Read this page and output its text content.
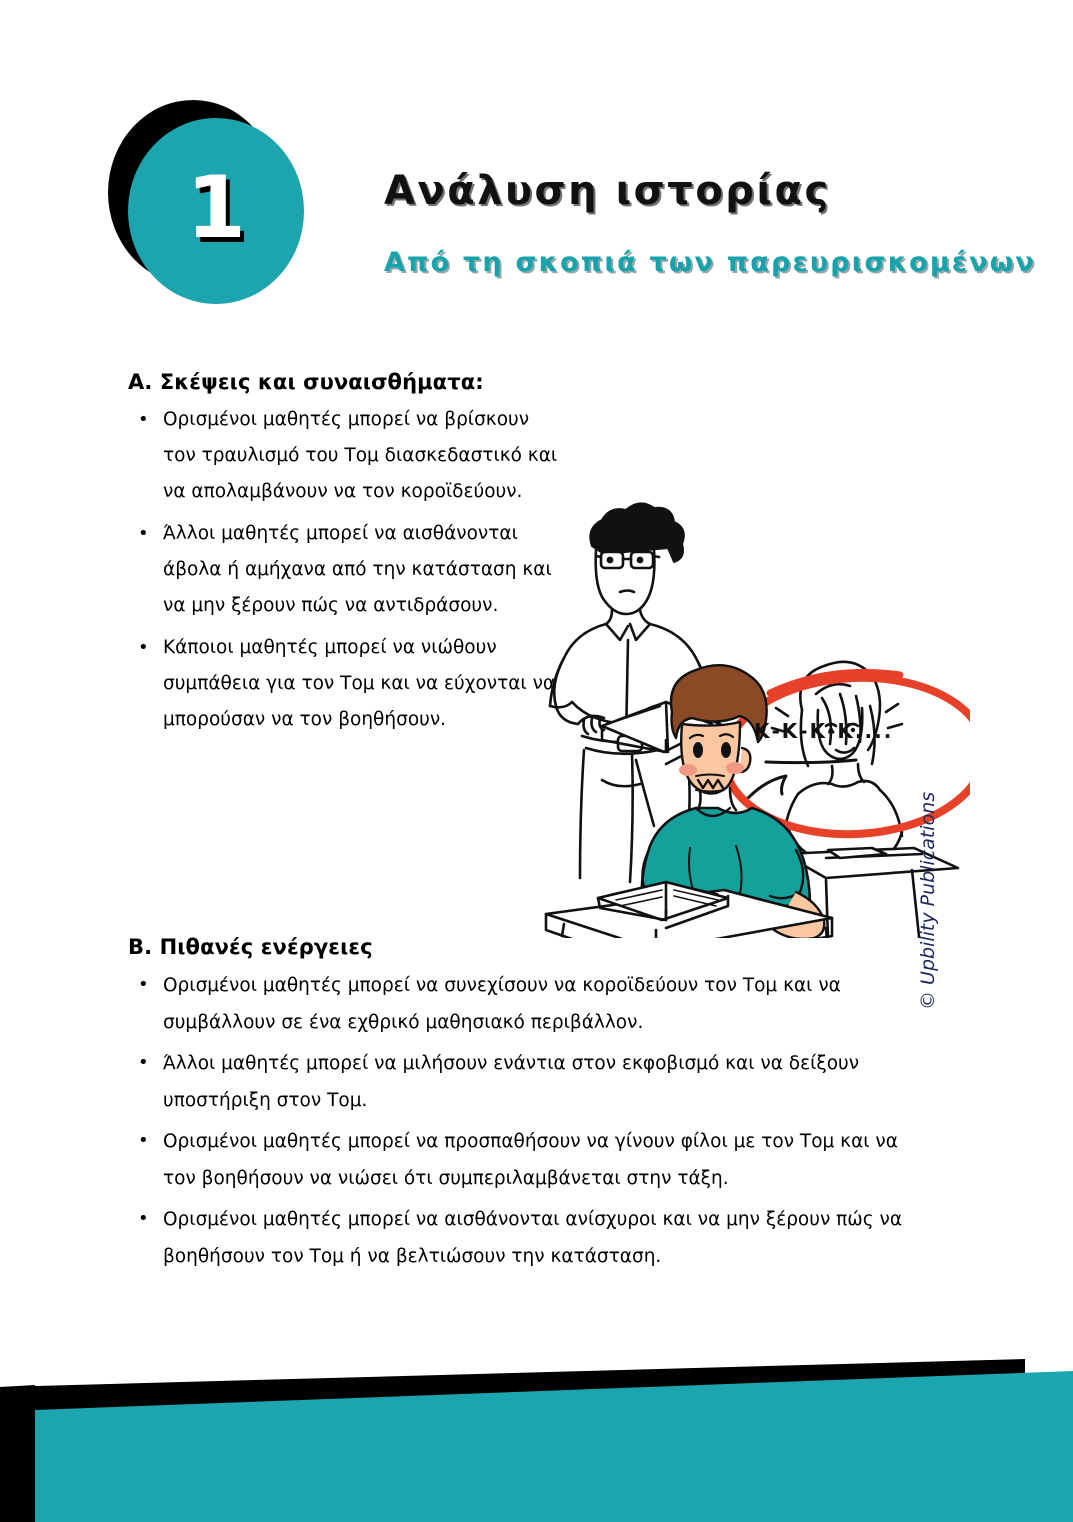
1	Ανάλυση ιστορίας
Από τη σκοπιά των παρευρισκομένων
Α. Σκέψεις και συναισθήματα:
• Ορισμένοι μαθητές μπορεί να βρίσκουν τον τραυλισμό του Τομ διασκεδαστικό και να απολαμβάνουν να τον κοροϊδεύουν.
• Άλλοι μαθητές μπορεί να αισθάνονται άβολα ή αμήχανα από την κατάσταση και να μην ξέρουν πώς να αντιδράσουν.
• Κάποιοι μαθητές μπορεί να νιώθουν συμπάθεια για τον Τομ και να εύχονται να μπορούσαν να τον βοηθήσουν.	Κ-Κ-Κ-Κ....
Β. Πιθανές ενέργειες
• Ορισμένοι μαθητές μπορεί να συνεχίσουν να κοροϊδεύουν τον Τομ και να συμβάλλουν σε ένα εχθρικό μαθησιακό περιβάλλον.
• Άλλοι μαθητές μπορεί να μιλήσουν ενάντια στον εκφοβισμό και να δείξουν υποστήριξη στον Τομ.
• Ορισμένοι μαθητές μπορεί να προσπαθήσουν να γίνουν φίλοι με τον Τομ και να τον βοηθήσουν να νιώσει ότι συμπεριλαμβάνεται στην τάξη.
• Ορισμένοι μαθητές μπορεί να αισθάνονται ανίσχυροι και να μην ξέρουν πώς να βοηθήσουν τον Τομ ή να βελτιώσουν την κατάσταση.
© Upbility Publications
